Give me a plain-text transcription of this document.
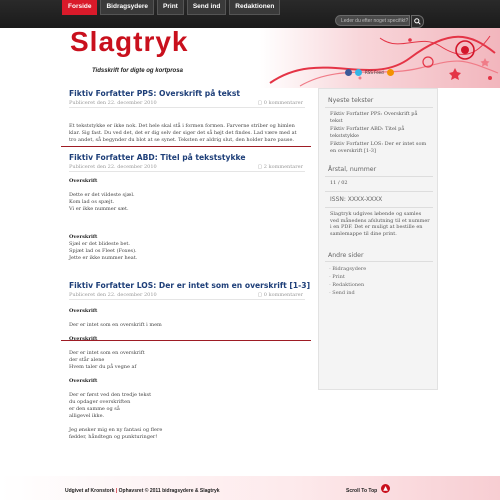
Forside	Bidragsydere	Print	Send ind	Redaktionen
Leder du efter noget specifikt?
Slagtryk
Tidsskrift for digte og kortprosa	RSS Feed
Fiktiv Forfatter PPS: Overskrift på tekst
Publiceret den 22. december 2010	▢ 0 kommentarer
Et tekststykke er ikke nok. Det hele skal stå i formen formen. Farverne striber og himlen
klar. Sig fast. Du ved det, det er dig selv der siger det så højt det findes. Lad være med at
tro andet, så begynder du blot at se synet. Teksten er aldrig slut, den holder bare pause.
Fiktiv Forfatter ABD: Titel på tekststykke
Publiceret den 22. december 2010	▢ 2 kommentarer
Overskrift

Dette er det vildeste sjæl.
Kom lad os spæjt.
Vi er ikke nummer sæt.

Overskrift
Sjæl er det blideste bet.
Spjæt lad os Fleet (Foxes).
Jette er ikke nummer heat.
Fiktiv Forfatter LOS: Der er intet som en overskrift [1-3]
Publiceret den 22. december 2010	▢ 0 kommentarer
Overskrift

Der er intet som en overskrift i mem

Overskrift

Der er intet som en overskrift
der står alene
Hvem taler du på vegne af

Overskrift

Der er først ved den tredje tekst
du opdager overskriften
er den samme og så
alligevel ikke.

Jeg ønsker mig en ny fantasi og flere
fødder, håndtegn og punkturinger!
Nyeste tekster
Fiktiv Forfatter PPS: Overskrift på tekst
Fiktiv Forfatter ABD: Titel på tekststykke
Fiktiv Forfatter LOS: Der er intet som en overskrift [1-3]
Årstal, nummer
11 / 02
ISSN: XXXX-XXXX
Slagtryk udgives løbende og samles ved månedens afslutning til et nummer i en PDF. Det er muligt at bestille en samlemappe til dine print.
Andre sider
- Bidragsydere
- Print
- Redaktionen
- Send ind
Udgivet af Kronstork | Ophavsret © 2011 bidragsydere & Slagtryk	Scroll To Top ▲
